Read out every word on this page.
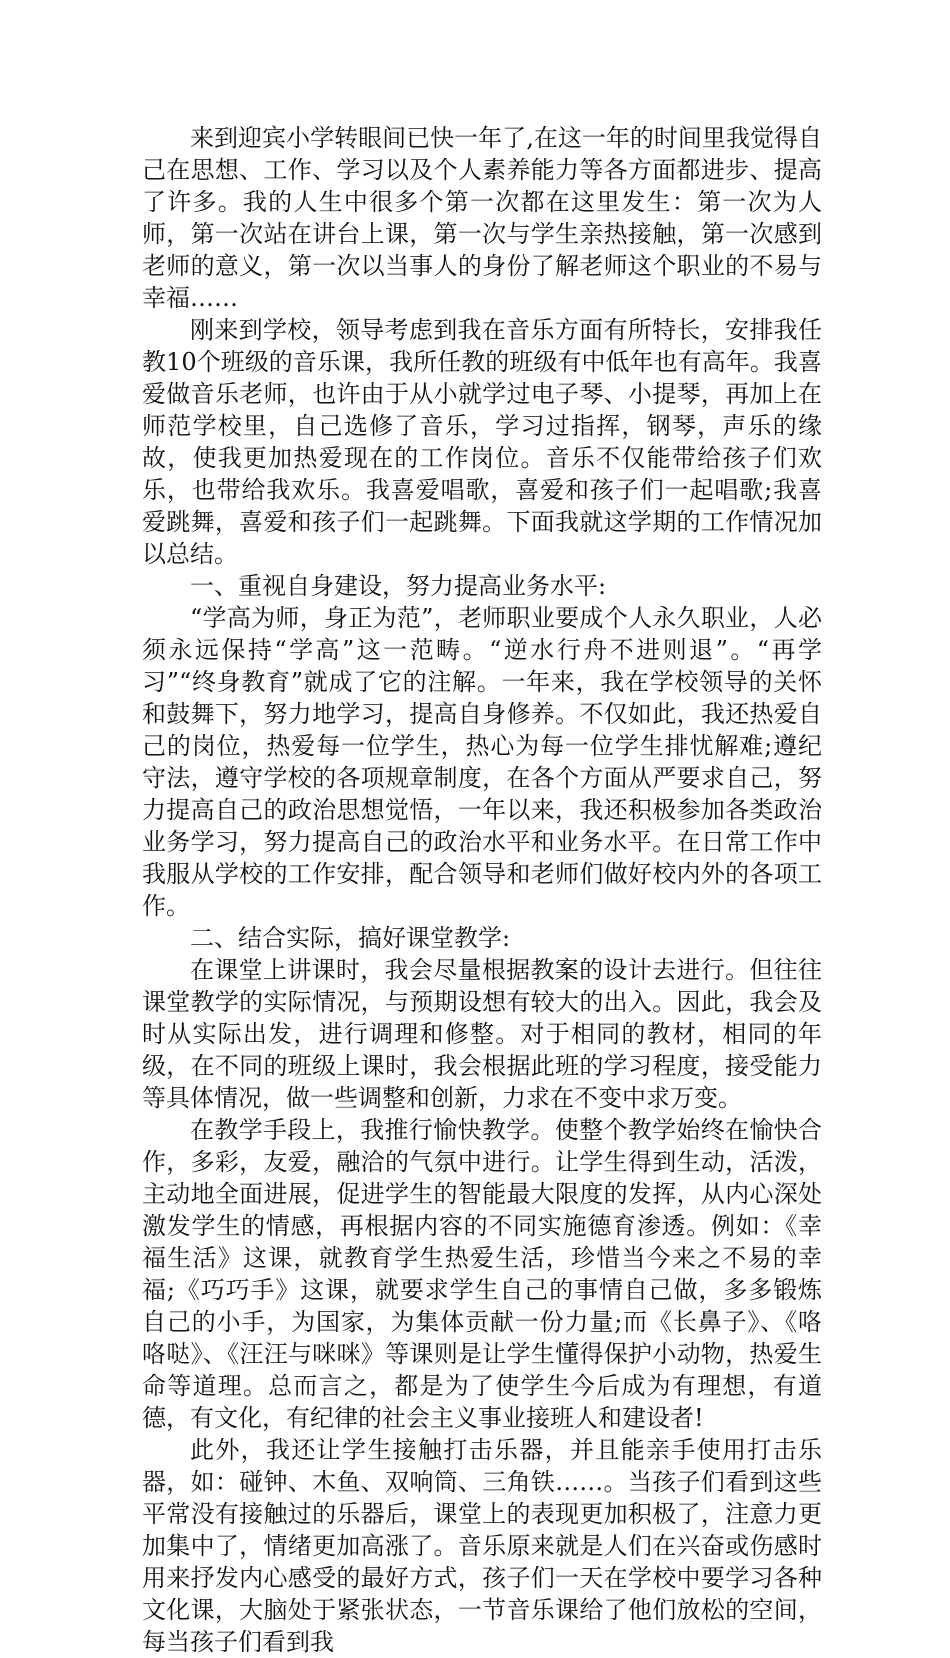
来到迎宾小学转眼间已快一年了,在这一年的时间里我觉得自己在思想、工作、学习以及个人素养能力等各方面都进步、提高了许多。我的人生中很多个第一次都在这里发生：第一次为人师，第一次站在讲台上课，第一次与学生亲热接触，第一次感到老师的意义，第一次以当事人的身份了解老师这个职业的不易与幸福……

刚来到学校，领导考虑到我在音乐方面有所特长，安排我任教10个班级的音乐课，我所任教的班级有中低年也有高年。我喜爱做音乐老师，也许由于从小就学过电子琴、小提琴，再加上在师范学校里，自己选修了音乐，学习过指挥，钢琴，声乐的缘故，使我更加热爱现在的工作岗位。音乐不仅能带给孩子们欢乐，也带给我欢乐。我喜爱唱歌，喜爱和孩子们一起唱歌;我喜爱跳舞，喜爱和孩子们一起跳舞。下面我就这学期的工作情况加以总结。

一、重视自身建设，努力提高业务水平:

“学高为师，身正为范”，老师职业要成个人永久职业，人必须永远保持“学高”这一范畴。“逆水行舟不进则退”。“再学习”“终身教育”就成了它的注解。一年来，我在学校领导的关怀和鼓舞下，努力地学习，提高自身修养。不仅如此，我还热爱自己的岗位，热爱每一位学生，热心为每一位学生排忧解难;遵纪守法，遵守学校的各项规章制度，在各个方面从严要求自己，努力提高自己的政治思想觉悟，一年以来，我还积极参加各类政治业务学习，努力提高自己的政治水平和业务水平。在日常工作中我服从学校的工作安排，配合领导和老师们做好校内外的各项工作。

二、结合实际，搞好课堂教学:

在课堂上讲课时，我会尽量根据教案的设计去进行。但往往课堂教学的实际情况，与预期设想有较大的出入。因此，我会及时从实际出发，进行调理和修整。对于相同的教材，相同的年级，在不同的班级上课时，我会根据此班的学习程度，接受能力等具体情况，做一些调整和创新，力求在不变中求万变。

在教学手段上，我推行愉快教学。使整个教学始终在愉快合作，多彩，友爱，融洽的气氛中进行。让学生得到生动，活泼，主动地全面进展，促进学生的智能最大限度的发挥，从内心深处激发学生的情感，再根据内容的不同实施德育渗透。例如：《幸福生活》这课，就教育学生热爱生活，珍惜当今来之不易的幸福;《巧巧手》这课，就要求学生自己的事情自己做，多多锻炼自己的小手，为国家，为集体贡献一份力量;而《长鼻子》、《咯咯哒》、《汪汪与咪咪》等课则是让学生懂得保护小动物，热爱生命等道理。总而言之，都是为了使学生今后成为有理想，有道德，有文化，有纪律的社会主义事业接班人和建设者!

此外，我还让学生接触打击乐器，并且能亲手使用打击乐器，如：碰钟、木鱼、双响筒、三角铁……。当孩子们看到这些平常没有接触过的乐器后，课堂上的表现更加积极了，注意力更加集中了，情绪更加高涨了。音乐原来就是人们在兴奋或伤感时用来抒发内心感受的最好方式，孩子们一天在学校中要学习各种文化课，大脑处于紧张状态，一节音乐课给了他们放松的空间，每当孩子们看到我
